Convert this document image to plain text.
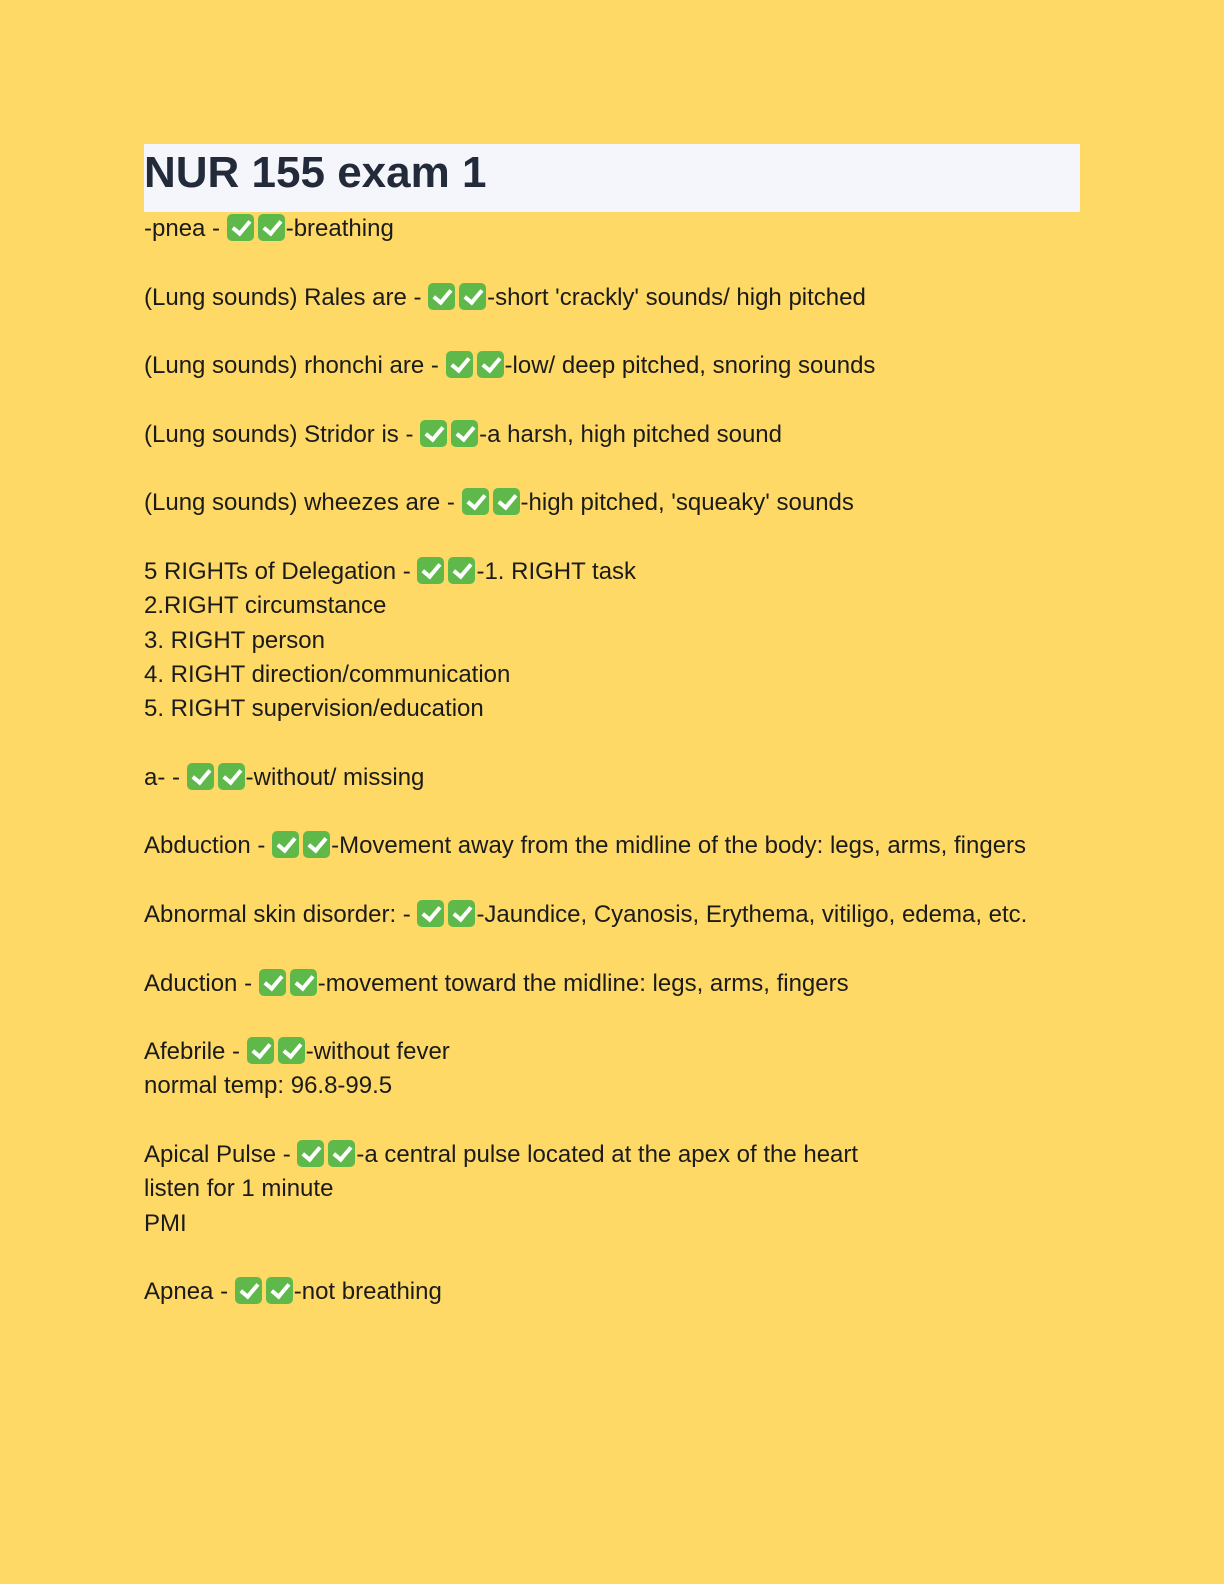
NUR 155 exam 1
-pnea -	-breathing
(Lung sounds) Rales are -	-short 'crackly' sounds/ high pitched
(Lung sounds) rhonchi are -	-low/ deep pitched, snoring sounds
(Lung sounds) Stridor is -	-a harsh, high pitched sound
(Lung sounds) wheezes are -	-high pitched, 'squeaky' sounds
5 RIGHTs of Delegation -	-1. RIGHT task
2.RIGHT circumstance
3. RIGHT person
4. RIGHT direction/communication
5. RIGHT supervision/education
a- -	-without/ missing
Abduction -	-Movement away from the midline of the body: legs, arms, fingers
Abnormal skin disorder: -	-Jaundice, Cyanosis, Erythema, vitiligo, edema, etc.
Aduction -	-movement toward the midline: legs, arms, fingers
Afebrile -	-without fever
normal temp: 96.8-99.5
Apical Pulse -	-a central pulse located at the apex of the heart
listen for 1 minute
PMI
Apnea -	-not breathing
